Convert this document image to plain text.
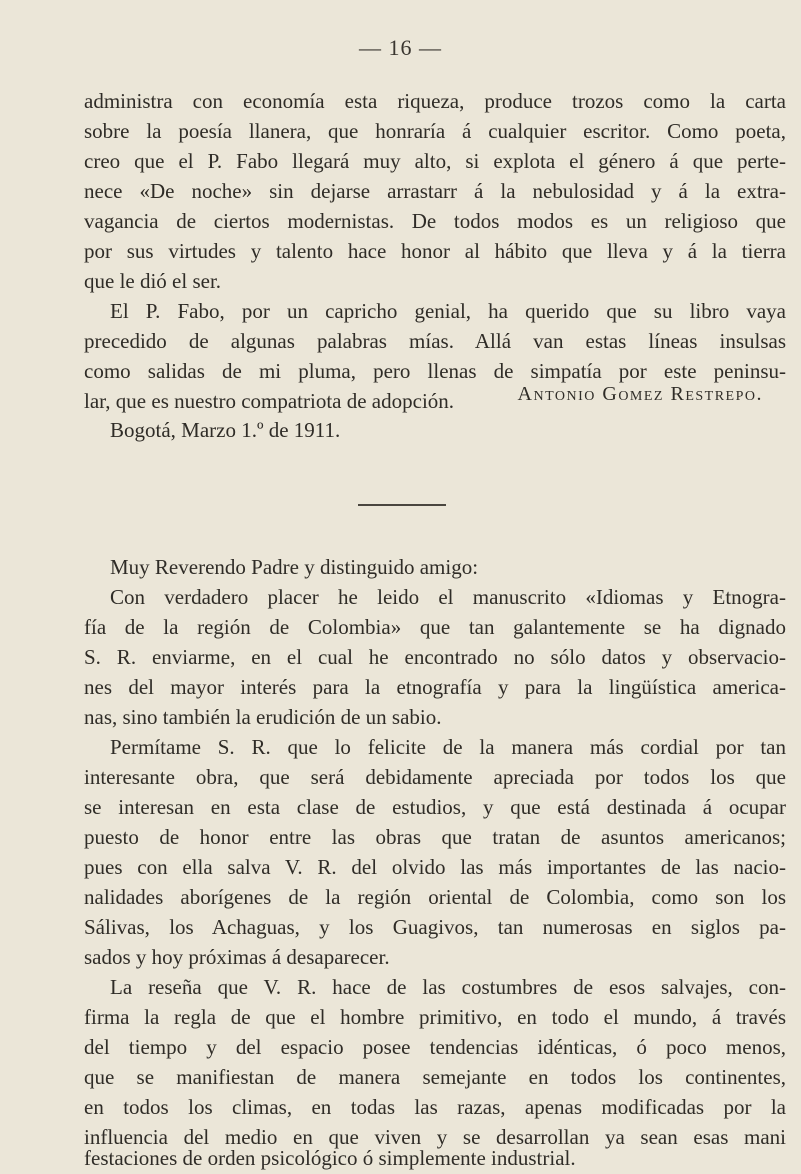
— 16 —
administra con economía esta riqueza, produce trozos como la carta
sobre la poesía llanera, que honraría á cualquier escritor. Como poeta,
creo que el P. Fabo llegará muy alto, si explota el género á que perte-
nece «De noche» sin dejarse arrastarr á la nebulosidad y á la extra-
vagancia de ciertos modernistas. De todos modos es un religioso que
por sus virtudes y talento hace honor al hábito que lleva y á la tierra
que le dió el ser.
El P. Fabo, por un capricho genial, ha querido que su libro vaya
precedido de algunas palabras mías. Allá van estas líneas insulsas
como salidas de mi pluma, pero llenas de simpatía por este peninsu-
lar, que es nuestro compatriota de adopción.	Antonio Gomez Restrepo.
Bogotá, Marzo 1.º de 1911.
Muy Reverendo Padre y distinguido amigo:
Con verdadero placer he leido el manuscrito «Idiomas y Etnogra-
fía de la región de Colombia» que tan galantemente se ha dignado
S. R. enviarme, en el cual he encontrado no sólo datos y observacio-
nes del mayor interés para la etnografía y para la lingüística america-
nas, sino también la erudición de un sabio.
Permítame S. R. que lo felicite de la manera más cordial por tan
interesante obra, que será debidamente apreciada por todos los que
se interesan en esta clase de estudios, y que está destinada á ocupar
puesto de honor entre las obras que tratan de asuntos americanos;
pues con ella salva V. R. del olvido las más importantes de las nacio-
nalidades aborígenes de la región oriental de Colombia, como son los
Sálivas, los Achaguas, y los Guagivos, tan numerosas en siglos pa-
sados y hoy próximas á desaparecer.
La reseña que V. R. hace de las costumbres de esos salvajes, con-
firma la regla de que el hombre primitivo, en todo el mundo, á través
del tiempo y del espacio posee tendencias idénticas, ó poco menos,
que se manifiestan de manera semejante en todos los continentes,
en todos los climas, en todas las razas, apenas modificadas por la
influencia del medio en que viven y se desarrollan ya sean esas mani
festaciones de orden psicológico ó simplemente industrial.
